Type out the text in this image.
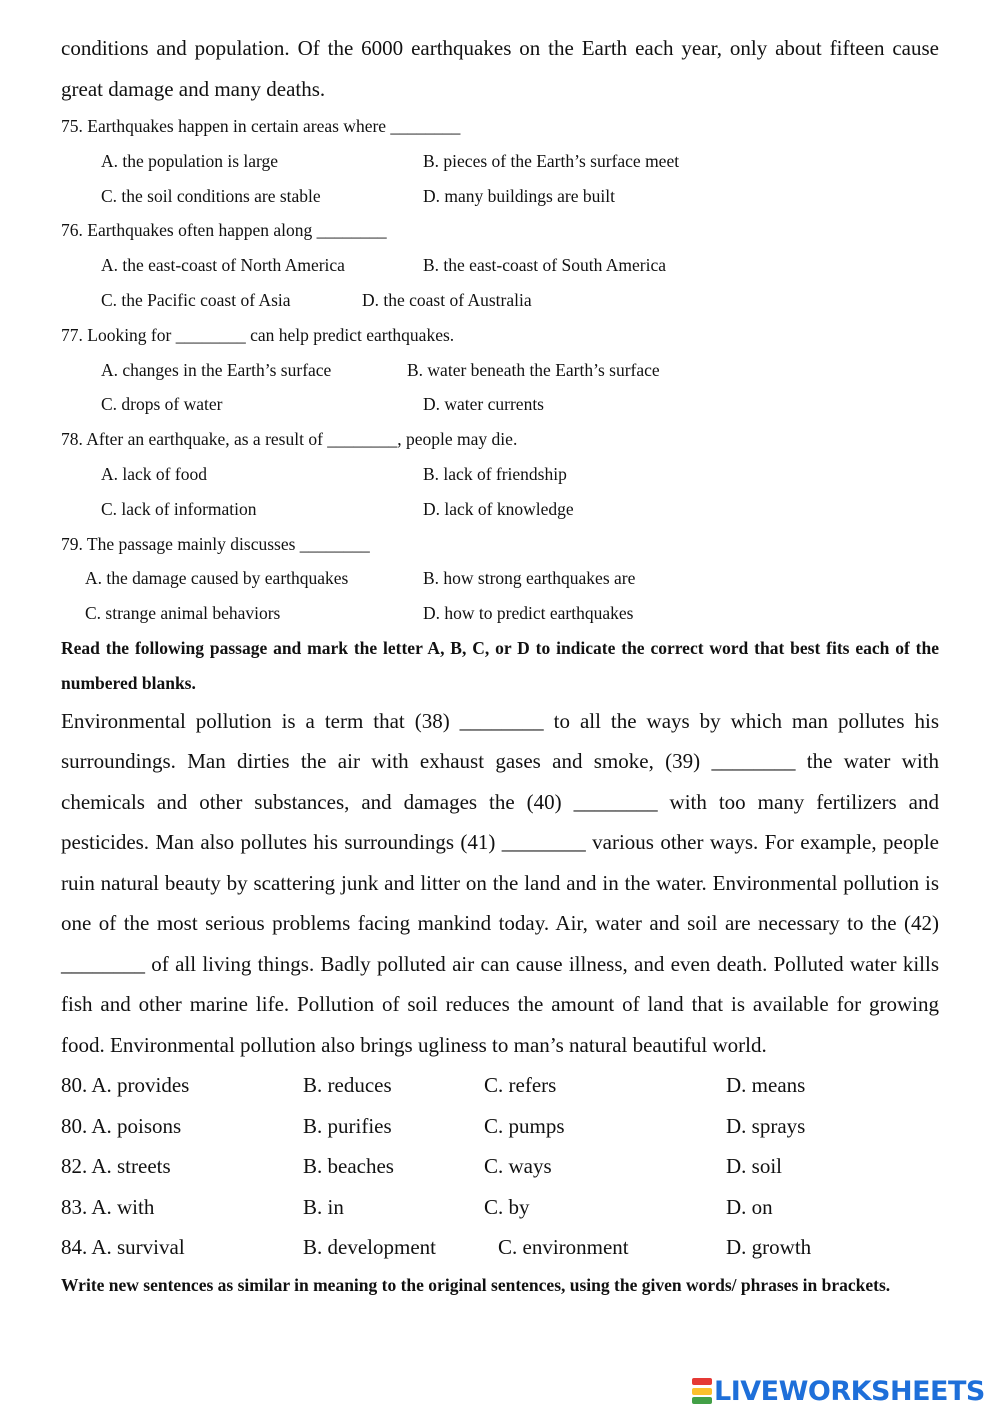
conditions and population. Of the 6000 earthquakes on the Earth each year, only about fifteen cause great damage and many deaths.
75. Earthquakes happen in certain areas where ________
A. the population is large	B. pieces of the Earth’s surface meet
C. the soil conditions are stable	D. many buildings are built
76. Earthquakes often happen along ________
A. the east-coast of North America	B. the east-coast of South America
C. the Pacific coast of Asia	D. the coast of Australia
77. Looking for ________ can help predict earthquakes.
A. changes in the Earth’s surface	B. water beneath the Earth’s surface
C. drops of water	D. water currents
78. After an earthquake, as a result of ________, people may die.
A. lack of food	B. lack of friendship
C. lack of information	D. lack of knowledge
79. The passage mainly discusses ________
A. the damage caused by earthquakes	B. how strong earthquakes are
C. strange animal behaviors	D. how to predict earthquakes
Read the following passage and mark the letter A, B, C, or D to indicate the correct word that best fits each of the numbered blanks.
Environmental pollution is a term that (38) ________ to all the ways by which man pollutes his surroundings. Man dirties the air with exhaust gases and smoke, (39) ________ the water with chemicals and other substances, and damages the (40) ________ with too many fertilizers and pesticides. Man also pollutes his surroundings (41) ________ various other ways. For example, people ruin natural beauty by scattering junk and litter on the land and in the water. Environmental pollution is one of the most serious problems facing mankind today. Air, water and soil are necessary to the (42) ________ of all living things. Badly polluted air can cause illness, and even death. Polluted water kills fish and other marine life. Pollution of soil reduces the amount of land that is available for growing food. Environmental pollution also brings ugliness to man’s natural beautiful world.
80. A. provides	B. reduces	C. refers	D. means
80. A. poisons	B. purifies	C. pumps	D. sprays
82. A. streets	B. beaches	C. ways	D. soil
83. A. with	B. in	C. by	D. on
84. A. survival	B. development	C. environment	D. growth
Write new sentences as similar in meaning to the original sentences, using the given words/ phrases in brackets.
LIVEWORKSHEETS
